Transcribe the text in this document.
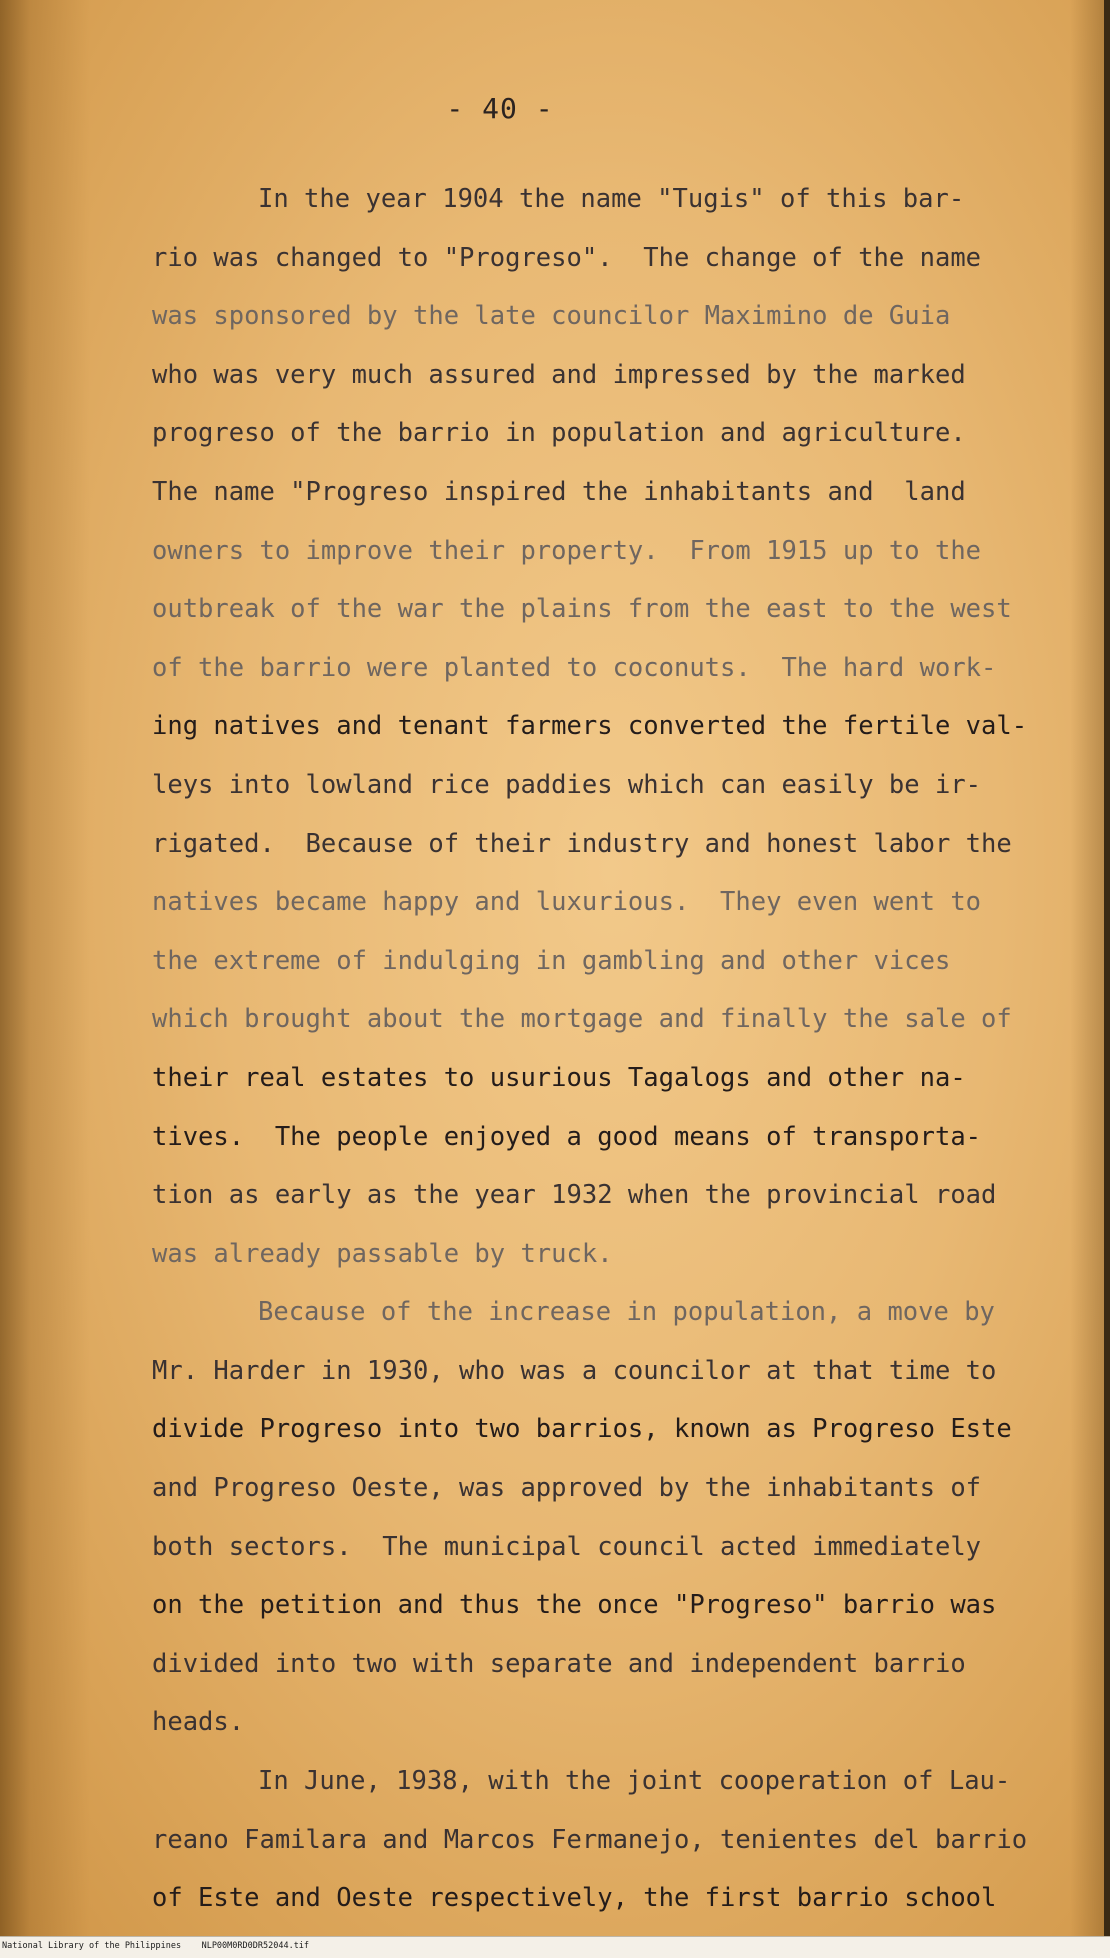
- 40 -
In the year 1904 the name "Tugis" of this bar-
rio was changed to "Progreso".  The change of the name
was sponsored by the late councilor Maximino de Guia
who was very much assured and impressed by the marked
progreso of the barrio in population and agriculture.
The name "Progreso inspired the inhabitants and  land
owners to improve their property.  From 1915 up to the
outbreak of the war the plains from the east to the west
of the barrio were planted to coconuts.  The hard work-
ing natives and tenant farmers converted the fertile val-
leys into lowland rice paddies which can easily be ir-
rigated.  Because of their industry and honest labor the
natives became happy and luxurious.  They even went to
the extreme of indulging in gambling and other vices
which brought about the mortgage and finally the sale of
their real estates to usurious Tagalogs and other na-
tives.  The people enjoyed a good means of transporta-
tion as early as the year 1932 when the provincial road
was already passable by truck.
Because of the increase in population, a move by
Mr. Harder in 1930, who was a councilor at that time to
divide Progreso into two barrios, known as Progreso Este
and Progreso Oeste, was approved by the inhabitants of
both sectors.  The municipal council acted immediately
on the petition and thus the once "Progreso" barrio was
divided into two with separate and independent barrio
heads.
In June, 1938, with the joint cooperation of Lau-
reano Familara and Marcos Fermanejo, tenientes del barrio
of Este and Oeste respectively, the first barrio school
National Library of the Philippines    NLP00M0RD0DR52044.tif
